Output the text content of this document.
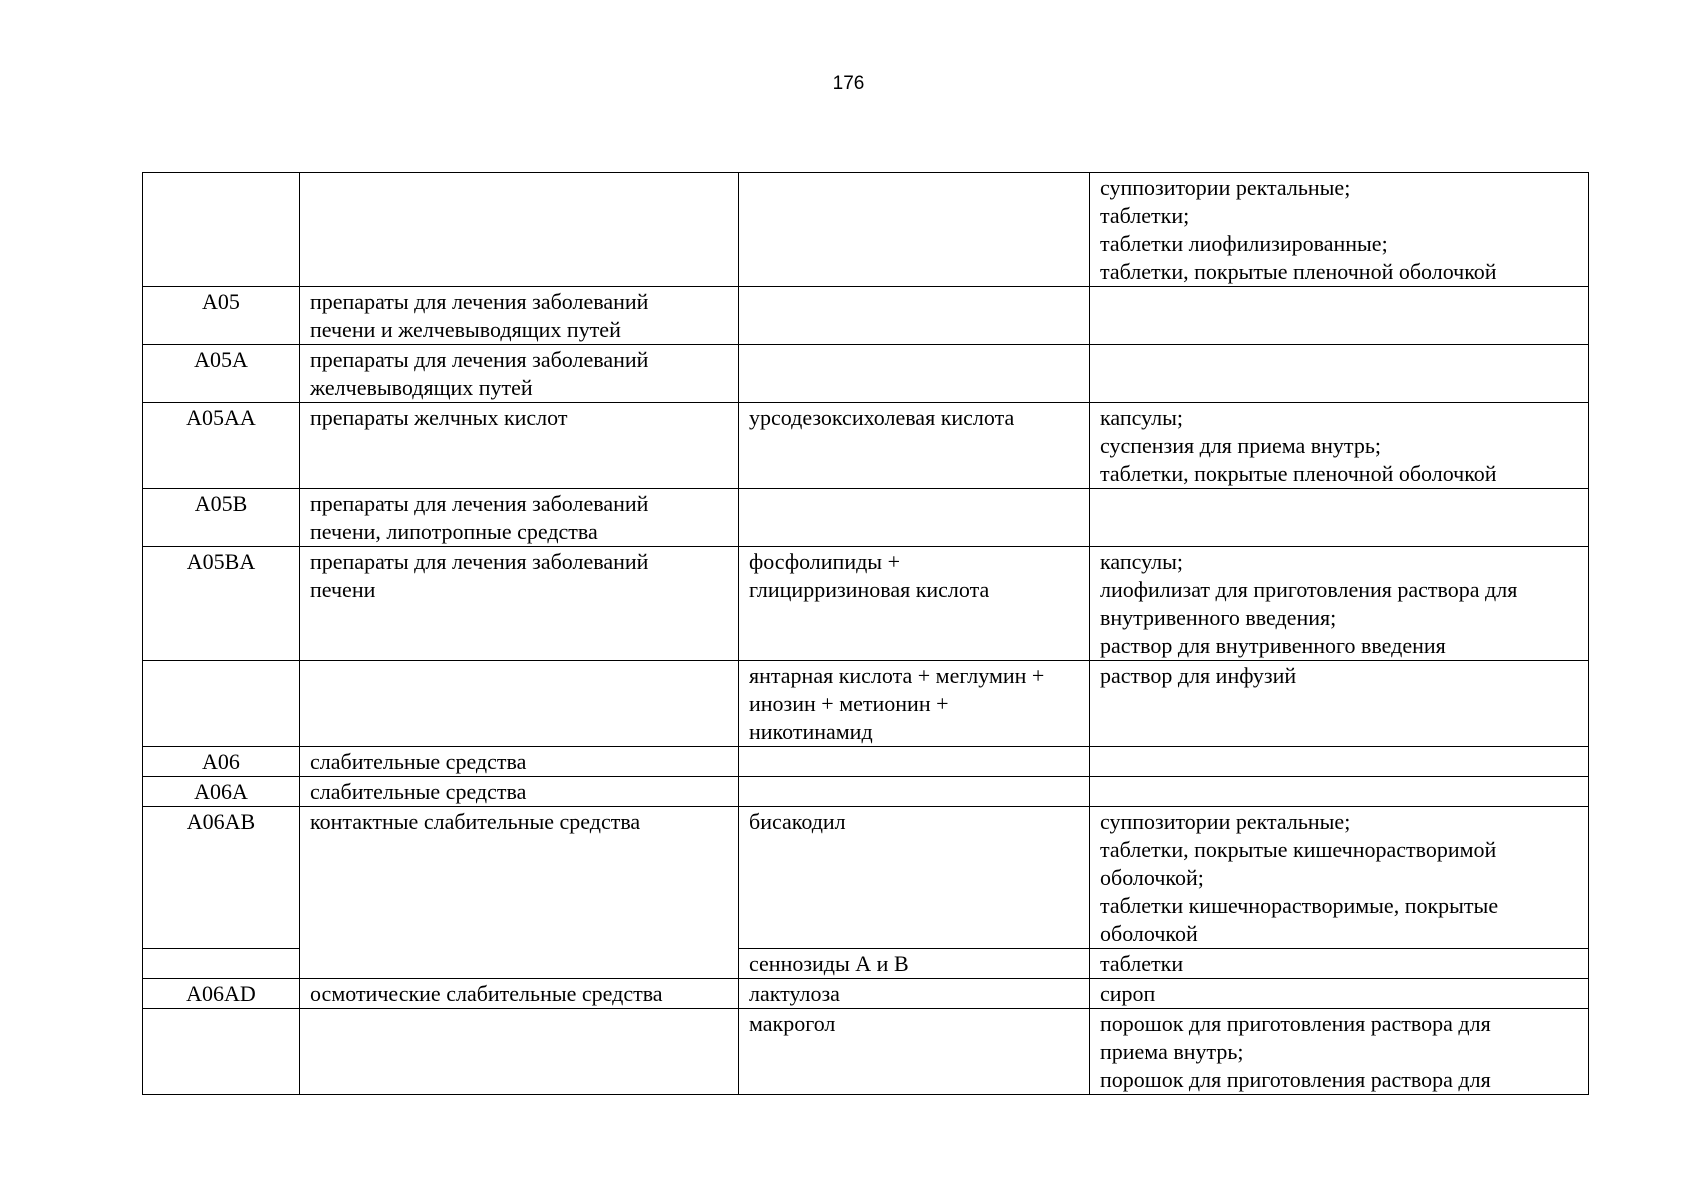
176
			суппозитории ректальные;
таблетки;
таблетки лиофилизированные;
таблетки, покрытые пленочной оболочкой
A05	препараты для лечения заболеваний
печени и желчевыводящих путей		
A05A	препараты для лечения заболеваний
желчевыводящих путей		
A05AA	препараты желчных кислот	урсодезоксихолевая кислота	капсулы;
суспензия для приема внутрь;
таблетки, покрытые пленочной оболочкой
A05B	препараты для лечения заболеваний
печени, липотропные средства		
A05BA	препараты для лечения заболеваний
печени	фосфолипиды +
глицирризиновая кислота	капсулы;
лиофилизат для приготовления раствора для
внутривенного введения;
раствор для внутривенного введения
		янтарная кислота + меглумин +
инозин + метионин +
никотинамид	раствор для инфузий
A06	слабительные средства		
A06A	слабительные средства		
A06AB	контактные слабительные средства	бисакодил	суппозитории ректальные;
таблетки, покрытые кишечнорастворимой
оболочкой;
таблетки кишечнорастворимые, покрытые
оболочкой
		сеннозиды А и В	таблетки
A06AD	осмотические слабительные средства	лактулоза	сироп
		макрогол	порошок для приготовления раствора для
приема внутрь;
порошок для приготовления раствора для
